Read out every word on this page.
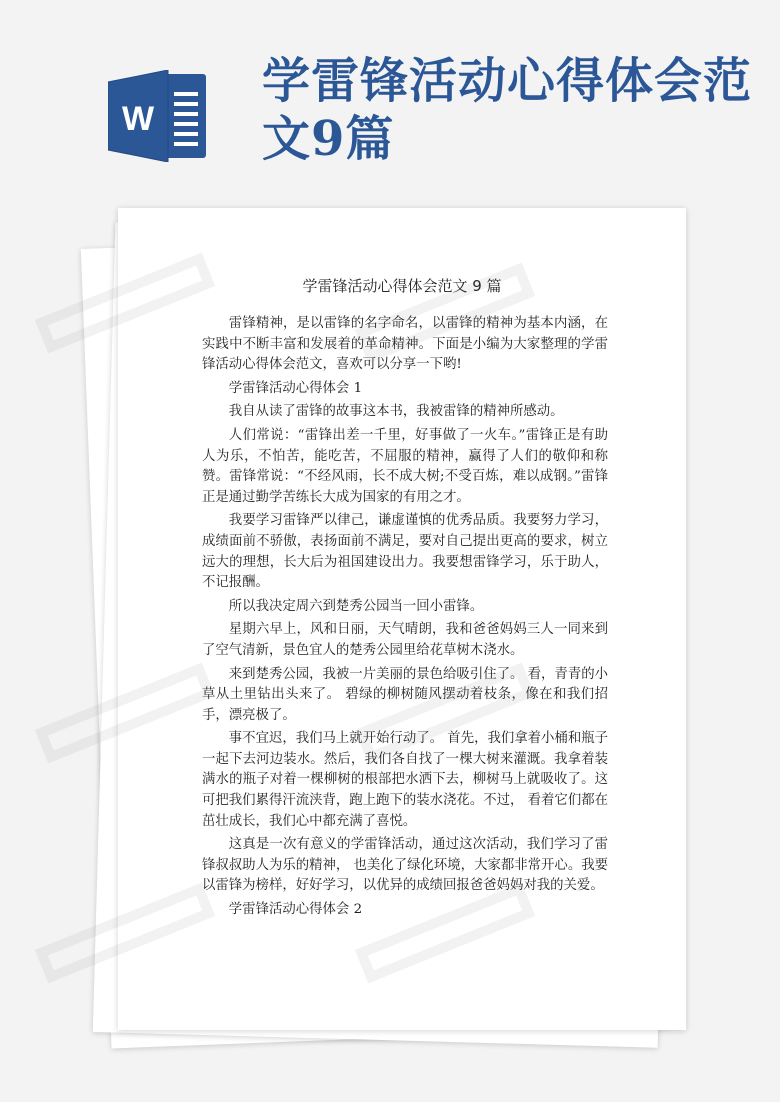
W
学雷锋活动心得体会范文9篇
学雷锋活动心得体会范文 9 篇

雷锋精神，是以雷锋的名字命名，以雷锋的精神为基本内涵，在实践中不断丰富和发展着的革命精神。下面是小编为大家整理的学雷锋活动心得体会范文，喜欢可以分享一下哟!

学雷锋活动心得体会 1

我自从读了雷锋的故事这本书，我被雷锋的精神所感动。

人们常说：“雷锋出差一千里，好事做了一火车。”雷锋正是有助人为乐，不怕苦，能吃苦，不屈服的精神，赢得了人们的敬仰和称赞。雷锋常说：“不经风雨，长不成大树;不受百炼，难以成钢。”雷锋正是通过勤学苦练长大成为国家的有用之才。

我要学习雷锋严以律己，谦虚谨慎的优秀品质。我要努力学习，成绩面前不骄傲，表扬面前不满足，要对自己提出更高的要求，树立远大的理想，长大后为祖国建设出力。我要想雷锋学习，乐于助人，不记报酬。

所以我决定周六到楚秀公园当一回小雷锋。

星期六早上，风和日丽，天气晴朗，我和爸爸妈妈三人一同来到了空气清新，景色宜人的楚秀公园里给花草树木浇水。

来到楚秀公园，我被一片美丽的景色给吸引住了。 看，青青的小草从土里钻出头来了。 碧绿的柳树随风摆动着枝条，像在和我们招手，漂亮极了。

事不宜迟，我们马上就开始行动了。 首先，我们拿着小桶和瓶子一起下去河边装水。然后，我们各自找了一棵大树来灌溉。我拿着装满水的瓶子对着一棵柳树的根部把水洒下去，柳树马上就吸收了。这可把我们累得汗流浃背，跑上跑下的装水浇花。不过， 看着它们都在茁壮成长，我们心中都充满了喜悦。

这真是一次有意义的学雷锋活动，通过这次活动，我们学习了雷锋叔叔助人为乐的精神， 也美化了绿化环境，大家都非常开心。我要以雷锋为榜样，好好学习，以优异的成绩回报爸爸妈妈对我的关爱。

学雷锋活动心得体会 2
